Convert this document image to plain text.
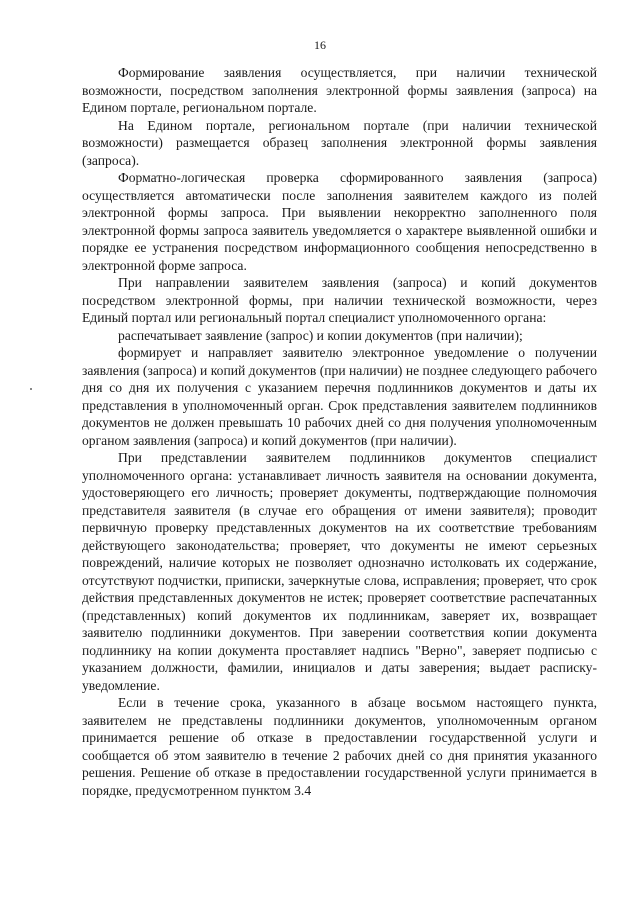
16

Формирование заявления осуществляется, при наличии технической возможности, посредством заполнения электронной формы заявления (запроса) на Едином портале, региональном портале.

На Едином портале, региональном портале (при наличии технической возможности) размещается образец заполнения электронной формы заявления (запроса).

Форматно-логическая проверка сформированного заявления (запроса) осуществляется автоматически после заполнения заявителем каждого из полей электронной формы запроса. При выявлении некорректно заполненного поля электронной формы запроса заявитель уведомляется о характере выявленной ошибки и порядке ее устранения посредством информационного сообщения непосредственно в электронной форме запроса.

При направлении заявителем заявления (запроса) и копий документов посредством электронной формы, при наличии технической возможности, через Единый портал или региональный портал специалист уполномоченного органа:

распечатывает заявление (запрос) и копии документов (при наличии);

формирует и направляет заявителю электронное уведомление о получении заявления (запроса) и копий документов (при наличии) не позднее следующего рабочего дня со дня их получения с указанием перечня подлинников документов и даты их представления в уполномоченный орган. Срок представления заявителем подлинников документов не должен превышать 10 рабочих дней со дня получения уполномоченным органом заявления (запроса) и копий документов (при наличии).

При представлении заявителем подлинников документов специалист уполномоченного органа: устанавливает личность заявителя на основании документа, удостоверяющего его личность; проверяет документы, подтверждающие полномочия представителя заявителя (в случае его обращения от имени заявителя); проводит первичную проверку представленных документов на их соответствие требованиям действующего законодательства; проверяет, что документы не имеют серьезных повреждений, наличие которых не позволяет однозначно истолковать их содержание, отсутствуют подчистки, приписки, зачеркнутые слова, исправления; проверяет, что срок действия представленных документов не истек; проверяет соответствие распечатанных (представленных) копий документов их подлинникам, заверяет их, возвращает заявителю подлинники документов. При заверении соответствия копии документа подлиннику на копии документа проставляет надпись "Верно", заверяет подписью с указанием должности, фамилии, инициалов и даты заверения; выдает расписку-уведомление.

Если в течение срока, указанного в абзаце восьмом настоящего пункта, заявителем не представлены подлинники документов, уполномоченным органом принимается решение об отказе в предоставлении государственной услуги и сообщается об этом заявителю в течение 2 рабочих дней со дня принятия указанного решения. Решение об отказе в предоставлении государственной услуги принимается в порядке, предусмотренном пунктом 3.4
